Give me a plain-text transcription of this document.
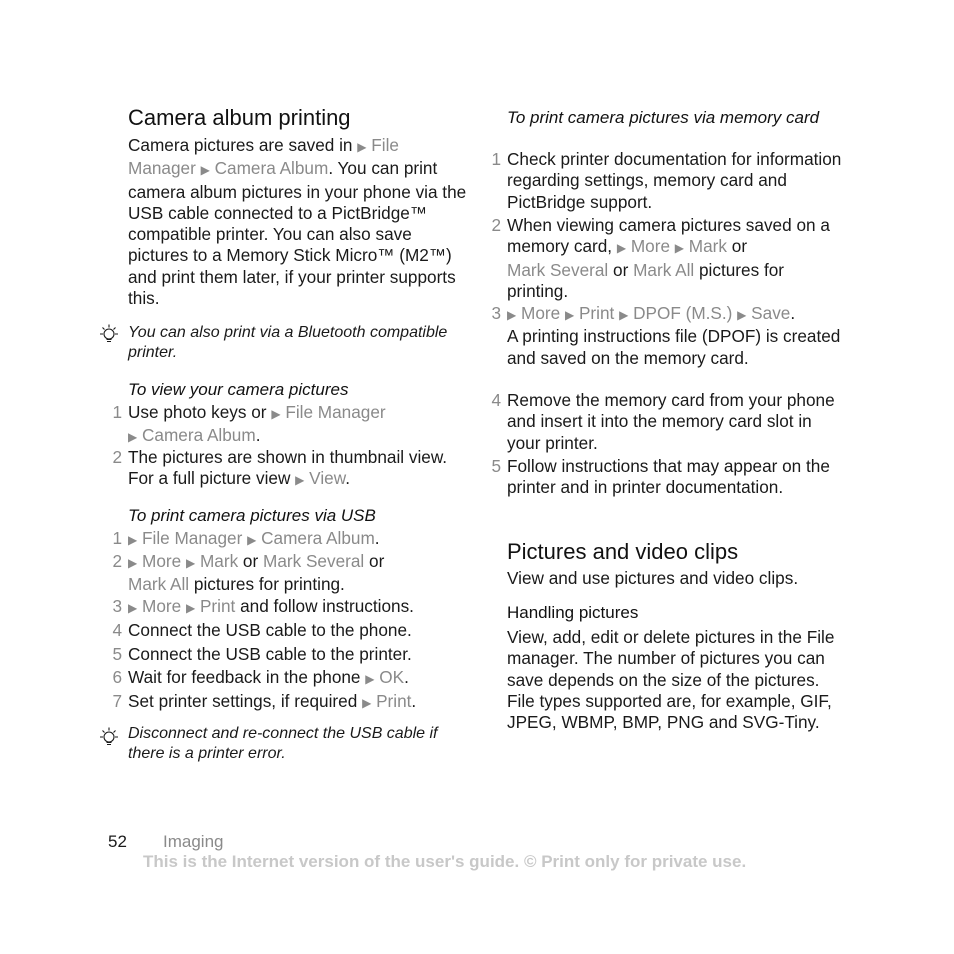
Camera album printing

Camera pictures are saved in ▶ File Manager ▶ Camera Album. You can print camera album pictures in your phone via the USB cable connected to a PictBridge™ compatible printer. You can also save pictures to a Memory Stick Micro™ (M2™) and print them later, if your printer supports this.

You can also print via a Bluetooth compatible printer.
To view your camera pictures
1 Use photo keys or ▶ File Manager
▶ Camera Album.
2 The pictures are shown in thumbnail view. For a full picture view ▶ View.
To print camera pictures via USB
1 ▶ File Manager ▶ Camera Album.
2 ▶ More ▶ Mark or Mark Several or
Mark All pictures for printing.
3 ▶ More ▶ Print and follow instructions.
4 Connect the USB cable to the phone.
5 Connect the USB cable to the printer.
6 Wait for feedback in the phone ▶ OK.
7 Set printer settings, if required ▶ Print.
Disconnect and re-connect the USB cable if there is a printer error.
To print camera pictures via memory card
1 Check printer documentation for information regarding settings, memory card and PictBridge support.
2 When viewing camera pictures saved on a memory card, ▶ More ▶ Mark or
Mark Several or Mark All pictures for printing.
3 ▶ More ▶ Print ▶ DPOF (M.S.) ▶ Save.
A printing instructions file (DPOF) is created and saved on the memory card.
4 Remove the memory card from your phone and insert it into the memory card slot in your printer.
5 Follow instructions that may appear on the printer and in printer documentation.
Pictures and video clips

View and use pictures and video clips.

Handling pictures

View, add, edit or delete pictures in the File manager. The number of pictures you can save depends on the size of the pictures. File types supported are, for example, GIF, JPEG, WBMP, BMP, PNG and SVG-Tiny.

52 Imaging
This is the Internet version of the user's guide. © Print only for private use.
